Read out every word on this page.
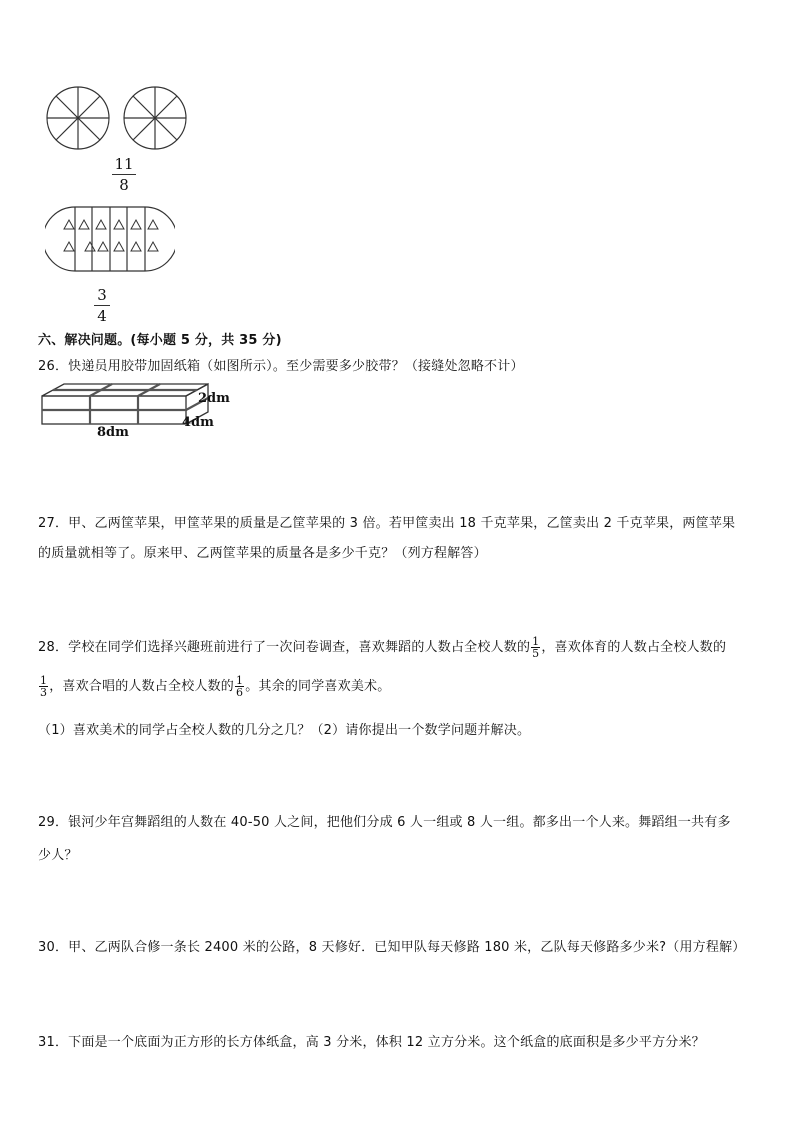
11
8
3
4
六、解决问题。(每小题 5 分，共 35 分)
26．快递员用胶带加固纸箱（如图所示）。至少需要多少胶带？（接缝处忽略不计）
2dm
4dm
8dm
27．甲、乙两筐苹果，甲筐苹果的质量是乙筐苹果的 3 倍。若甲筐卖出 18 千克苹果，乙筐卖出 2 千克苹果，两筐苹果
的质量就相等了。原来甲、乙两筐苹果的质量各是多少千克？（列方程解答）
28．学校在同学们选择兴趣班前进行了一次问卷调查，喜欢舞蹈的人数占全校人数的 $\frac{1}{5}$ ，喜欢体育的人数占全校人数的
$\frac{1}{3}$ ，喜欢合唱的人数占全校人数的 $\frac{1}{6}$ 。其余的同学喜欢美术。
（1）喜欢美术的同学占全校人数的几分之几？（2）请你提出一个数学问题并解决。
29．银河少年宫舞蹈组的人数在 40-50 人之间，把他们分成 6 人一组或 8 人一组。都多出一个人来。舞蹈组一共有多
少人？
30．甲、乙两队合修一条长 2400 米的公路，8 天修好．已知甲队每天修路 180 米，乙队每天修路多少米?（用方程解）
31．下面是一个底面为正方形的长方体纸盒，高 3 分米，体积 12 立方分米。这个纸盒的底面积是多少平方分米？
